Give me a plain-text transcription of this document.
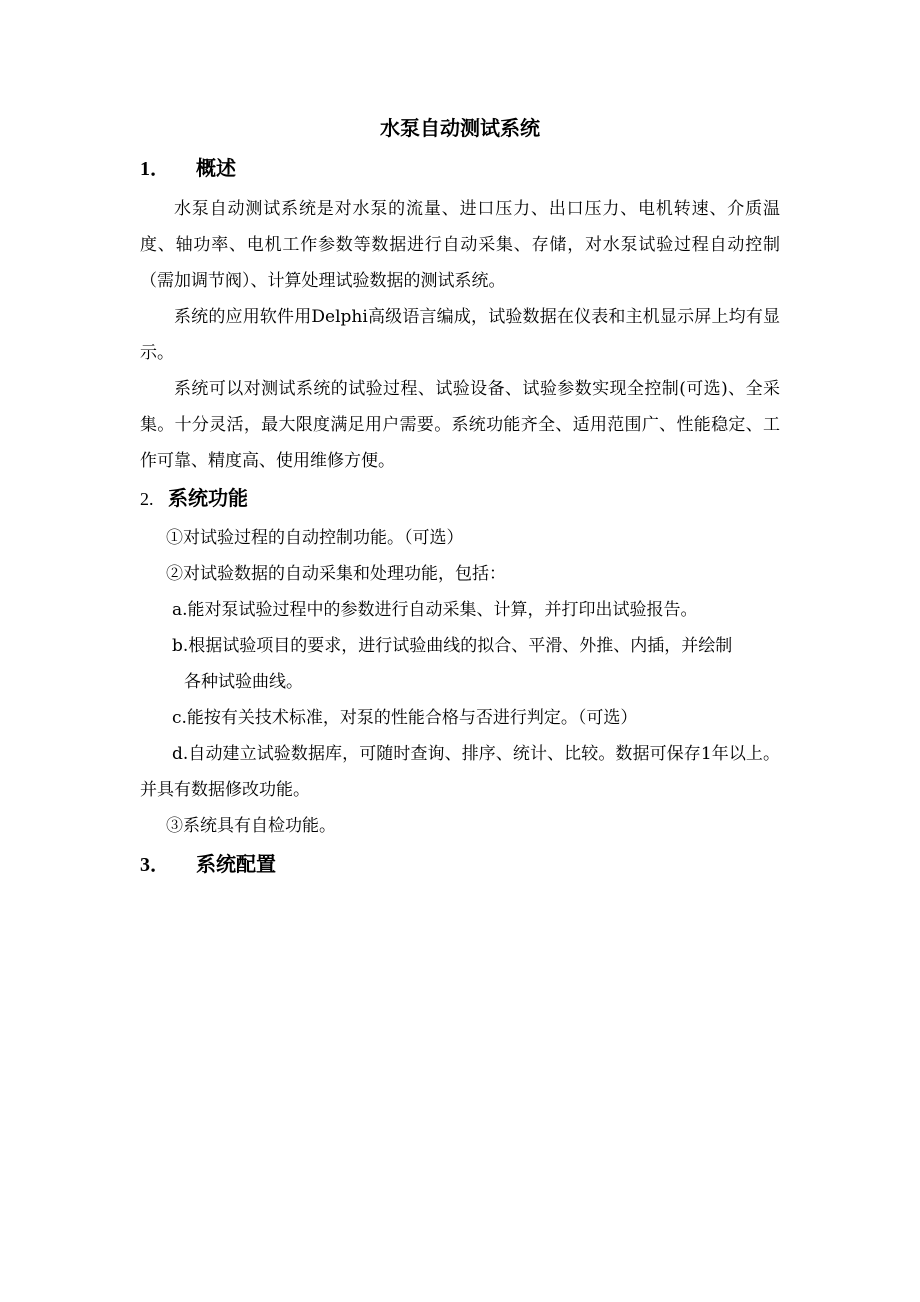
水泵自动测试系统
1． 概述
水泵自动测试系统是对水泵的流量、进口压力、出口压力、电机转速、介质温度、轴功率、电机工作参数等数据进行自动采集、存储，对水泵试验过程自动控制（需加调节阀）、计算处理试验数据的测试系统。
系统的应用软件用Delphi高级语言编成，试验数据在仪表和主机显示屏上均有显示。
系统可以对测试系统的试验过程、试验设备、试验参数实现全控制(可选)、全采集。十分灵活，最大限度满足用户需要。系统功能齐全、适用范围广、性能稳定、工作可靠、精度高、使用维修方便。
2. 系统功能
①对试验过程的自动控制功能。（可选）
②对试验数据的自动采集和处理功能，包括：
a.能对泵试验过程中的参数进行自动采集、计算，并打印出试验报告。
b.根据试验项目的要求，进行试验曲线的拟合、平滑、外推、内插，并绘制
各种试验曲线。
c.能按有关技术标准，对泵的性能合格与否进行判定。（可选）
d.自动建立试验数据库，可随时查询、排序、统计、比较。数据可保存1年以上。并具有数据修改功能。
③系统具有自检功能。
3． 系统配置
